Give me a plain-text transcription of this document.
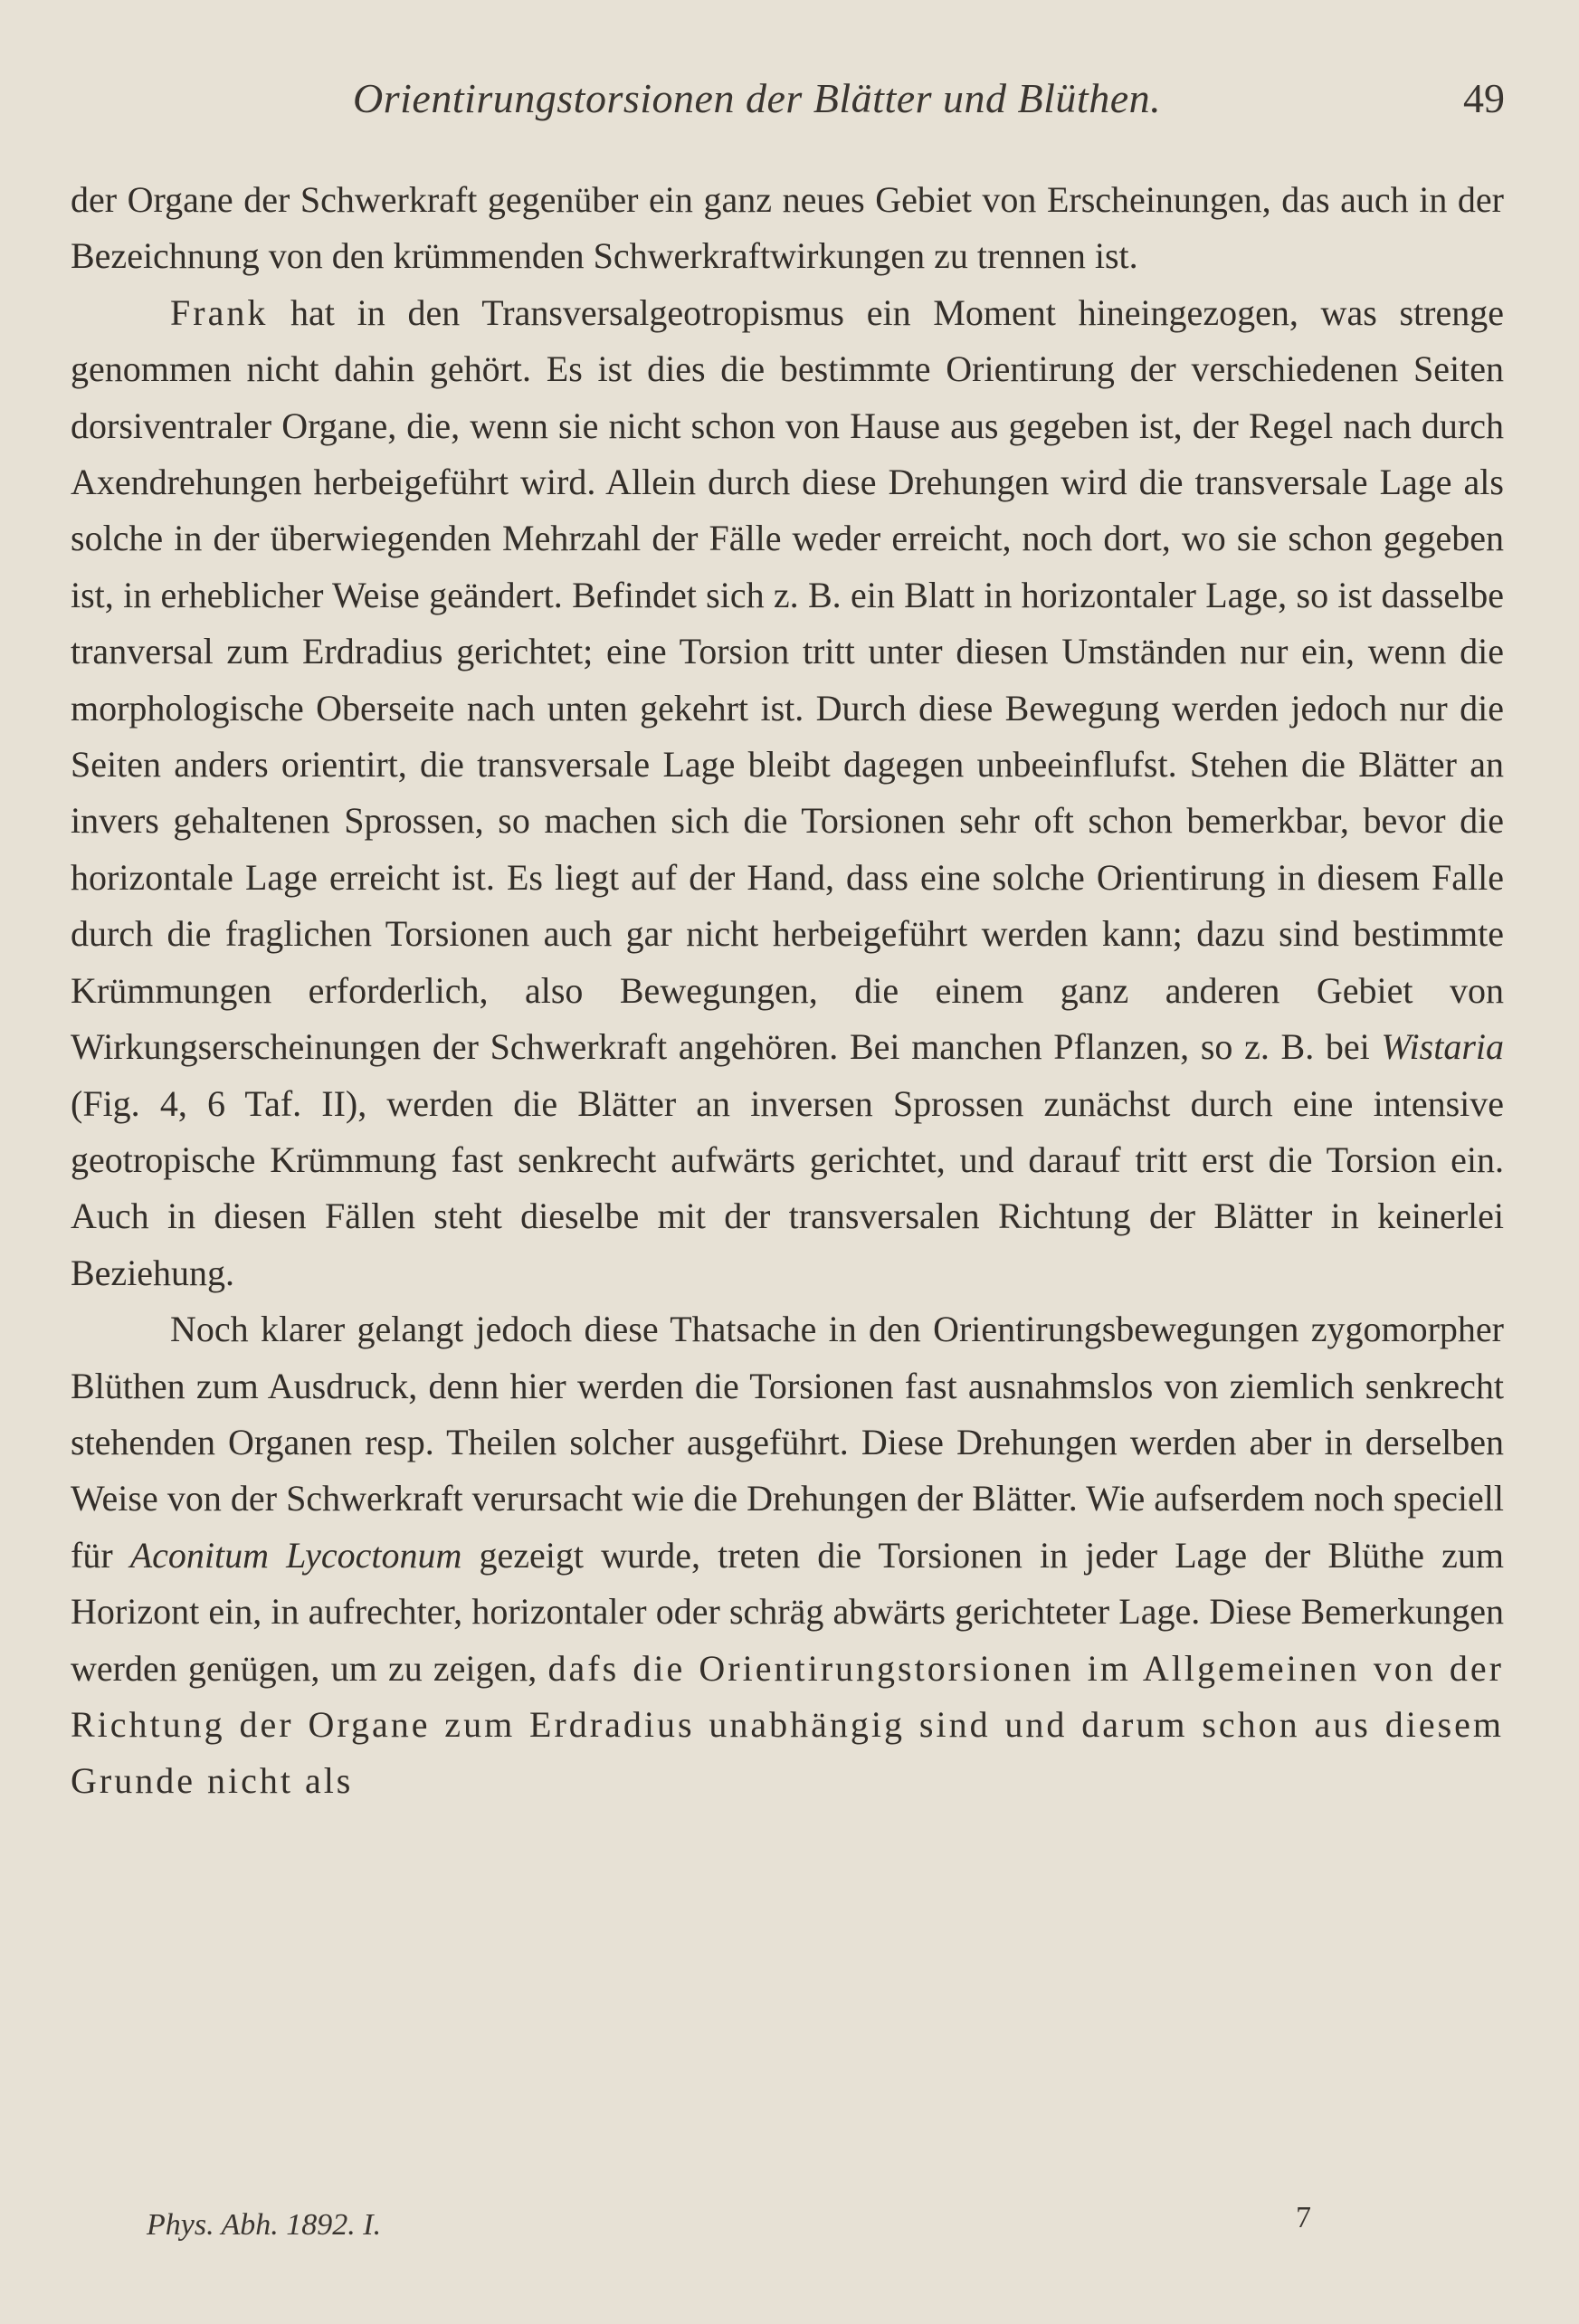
Orientirungstorsionen der Blätter und Blüthen.	49

der Organe der Schwerkraft gegenüber ein ganz neues Gebiet von Erscheinungen, das auch in der Bezeichnung von den krümmenden Schwerkraftwirkungen zu trennen ist.

Frank hat in den Transversalgeotropismus ein Moment hineingezogen, was strenge genommen nicht dahin gehört. Es ist dies die bestimmte Orientirung der verschiedenen Seiten dorsiventraler Organe, die, wenn sie nicht schon von Hause aus gegeben ist, der Regel nach durch Axendrehungen herbeigeführt wird. Allein durch diese Drehungen wird die transversale Lage als solche in der überwiegenden Mehrzahl der Fälle weder erreicht, noch dort, wo sie schon gegeben ist, in erheblicher Weise geändert. Befindet sich z. B. ein Blatt in horizontaler Lage, so ist dasselbe tranversal zum Erdradius gerichtet; eine Torsion tritt unter diesen Umständen nur ein, wenn die morphologische Oberseite nach unten gekehrt ist. Durch diese Bewegung werden jedoch nur die Seiten anders orientirt, die transversale Lage bleibt dagegen unbeeinflufst. Stehen die Blätter an invers gehaltenen Sprossen, so machen sich die Torsionen sehr oft schon bemerkbar, bevor die horizontale Lage erreicht ist. Es liegt auf der Hand, dass eine solche Orientirung in diesem Falle durch die fraglichen Torsionen auch gar nicht herbeigeführt werden kann; dazu sind bestimmte Krümmungen erforderlich, also Bewegungen, die einem ganz anderen Gebiet von Wirkungserscheinungen der Schwerkraft angehören. Bei manchen Pflanzen, so z. B. bei Wistaria (Fig. 4, 6 Taf. II), werden die Blätter an inversen Sprossen zunächst durch eine intensive geotropische Krümmung fast senkrecht aufwärts gerichtet, und darauf tritt erst die Torsion ein. Auch in diesen Fällen steht dieselbe mit der transversalen Richtung der Blätter in keinerlei Beziehung.

Noch klarer gelangt jedoch diese Thatsache in den Orientirungsbewegungen zygomorpher Blüthen zum Ausdruck, denn hier werden die Torsionen fast ausnahmslos von ziemlich senkrecht stehenden Organen resp. Theilen solcher ausgeführt. Diese Drehungen werden aber in derselben Weise von der Schwerkraft verursacht wie die Drehungen der Blätter. Wie aufserdem noch speciell für Aconitum Lycoctonum gezeigt wurde, treten die Torsionen in jeder Lage der Blüthe zum Horizont ein, in aufrechter, horizontaler oder schräg abwärts gerichteter Lage. Diese Bemerkungen werden genügen, um zu zeigen, dafs die Orientirungstorsionen im Allgemeinen von der Richtung der Organe zum Erdradius unabhängig sind und darum schon aus diesem Grunde nicht als

Phys. Abh. 1892. I.	7
